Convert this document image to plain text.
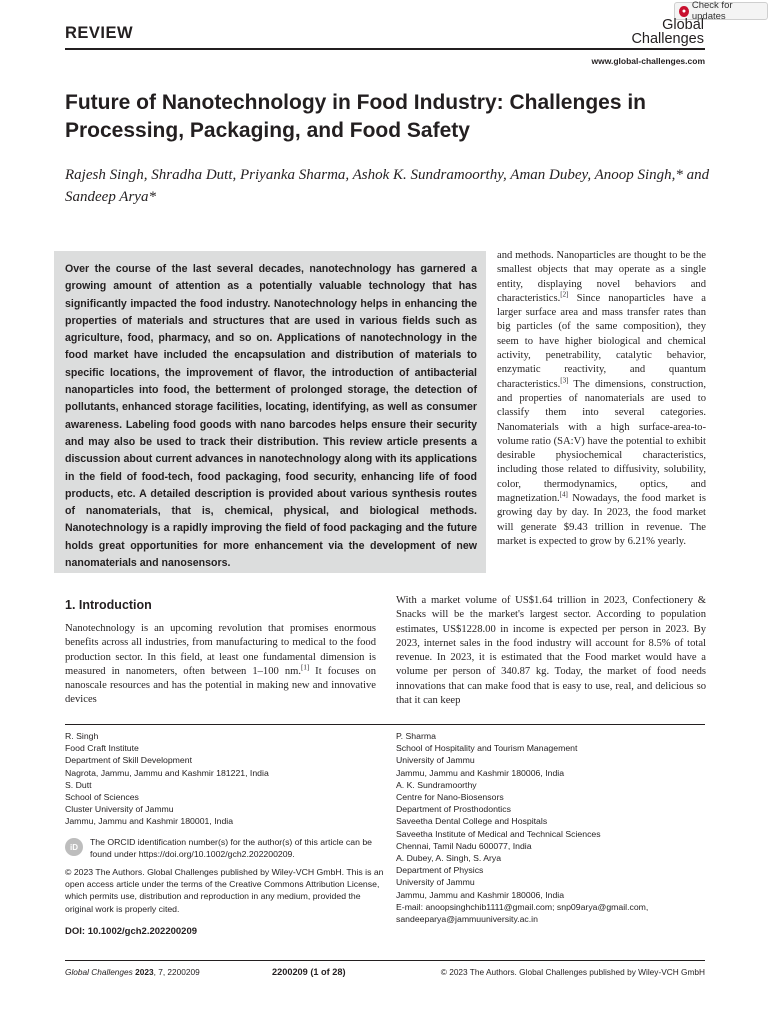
REVIEW
● Check for updates
Global
Challenges
www.global-challenges.com
Future of Nanotechnology in Food Industry: Challenges in Processing, Packaging, and Food Safety
Rajesh Singh, Shradha Dutt, Priyanka Sharma, Ashok K. Sundramoorthy, Aman Dubey, Anoop Singh,* and Sandeep Arya*
Over the course of the last several decades, nanotechnology has garnered a growing amount of attention as a potentially valuable technology that has significantly impacted the food industry. Nanotechnology helps in enhancing the properties of materials and structures that are used in various fields such as agriculture, food, pharmacy, and so on. Applications of nanotechnology in the food market have included the encapsulation and distribution of materials to specific locations, the improvement of flavor, the introduction of antibacterial nanoparticles into food, the betterment of prolonged storage, the detection of pollutants, enhanced storage facilities, locating, identifying, as well as consumer awareness. Labeling food goods with nano barcodes helps ensure their security and may also be used to track their distribution. This review article presents a discussion about current advances in nanotechnology along with its applications in the field of food-tech, food packaging, food security, enhancing life of food products, etc. A detailed description is provided about various synthesis routes of nanomaterials, that is, chemical, physical, and biological methods. Nanotechnology is a rapidly improving the field of food packaging and the future holds great opportunities for more enhancement via the development of new nanomaterials and nanosensors.
and methods. Nanoparticles are thought to be the smallest objects that may operate as a single entity, displaying novel behaviors and characteristics.[2] Since nanoparticles have a larger surface area and mass transfer rates than big particles (of the same composition), they seem to have higher biological and chemical activity, penetrability, catalytic behavior, enzymatic reactivity, and quantum characteristics.[3] The dimensions, construction, and properties of nanomaterials are used to classify them into several categories. Nanomaterials with a high surface-area-to-volume ratio (SA:V) have the potential to exhibit desirable physiochemical characteristics, including those related to diffusivity, solubility, color, thermodynamics, optics, and magnetization.[4] Nowadays, the food market is growing day by day. In 2023, the food market will generate $9.43 trillion in revenue. The market is expected to grow by 6.21% yearly.
With a market volume of US$1.64 trillion in 2023, Confectionery & Snacks will be the market's largest sector. According to population estimates, US$1228.00 in income is expected per person in 2023. By 2023, internet sales in the food industry will account for 8.5% of total revenue. In 2023, it is estimated that the Food market would have a volume per person of 340.87 kg. Today, the market of food needs innovations that can make food that is easy to use, real, and delicious so that it can keep
1. Introduction
Nanotechnology is an upcoming revolution that promises enormous benefits across all industries, from manufacturing to medical to the food production sector. In this field, at least one fundamental dimension is measured in nanometers, often between 1–100 nm.[1] It focuses on nanoscale resources and has the potential in making new and innovative devices
R. Singh
Food Craft Institute
Department of Skill Development
Nagrota, Jammu, Jammu and Kashmir 181221, India
S. Dutt
School of Sciences
Cluster University of Jammu
Jammu, Jammu and Kashmir 180001, India
P. Sharma
School of Hospitality and Tourism Management
University of Jammu
Jammu, Jammu and Kashmir 180006, India
A. K. Sundramoorthy
Centre for Nano-Biosensors
Department of Prosthodontics
Saveetha Dental College and Hospitals
Saveetha Institute of Medical and Technical Sciences
Chennai, Tamil Nadu 600077, India
A. Dubey, A. Singh, S. Arya
Department of Physics
University of Jammu
Jammu, Jammu and Kashmir 180006, India
E-mail: anoopsinghchib1111@gmail.com; snp09arya@gmail.com,
sandeeparya@jammuuniversity.ac.in
iD	The ORCID identification number(s) for the author(s) of this article can be found under https://doi.org/10.1002/gch2.202200209.
© 2023 The Authors. Global Challenges published by Wiley-VCH GmbH. This is an open access article under the terms of the Creative Commons Attribution License, which permits use, distribution and reproduction in any medium, provided the original work is properly cited.
DOI: 10.1002/gch2.202200209
Global Challenges 2023, 7, 2200209	2200209 (1 of 28)	© 2023 The Authors. Global Challenges published by Wiley-VCH GmbH
